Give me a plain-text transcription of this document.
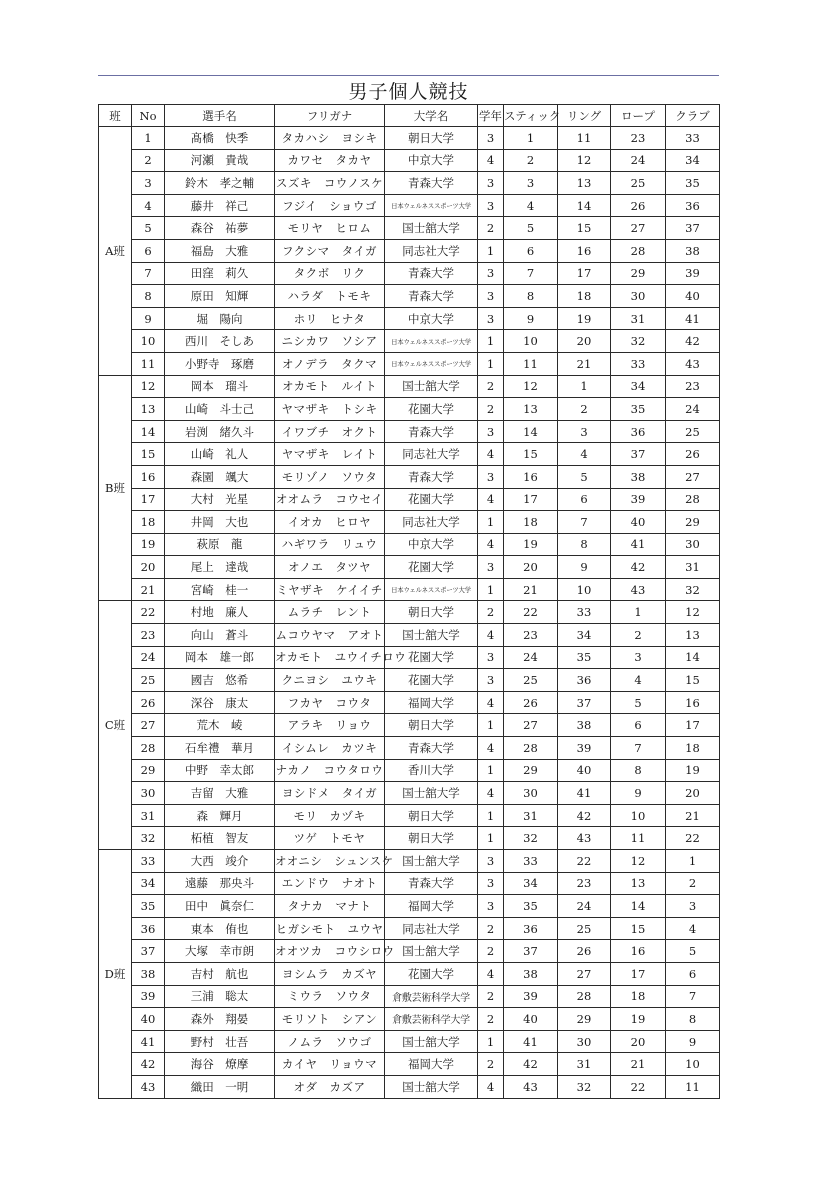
男子個人競技
班	No	選手名	フリガナ	大学名	学年	スティック	リング	ロープ	クラブ
A班	1	髙橋　快季	タカハシ　ヨシキ	朝日大学	3	1	11	23	33
	2	河瀬　貴哉	カワセ　タカヤ	中京大学	4	2	12	24	34
	3	鈴木　孝之輔	スズキ　コウノスケ	青森大学	3	3	13	25	35
	4	藤井　祥己	フジイ　ショウゴ	日本ウェルネススポーツ大学	3	4	14	26	36
	5	森谷　祐夢	モリヤ　ヒロム	国士舘大学	2	5	15	27	37
	6	福島　大雅	フクシマ　タイガ	同志社大学	1	6	16	28	38
	7	田窪　莉久	タクボ　リク	青森大学	3	7	17	29	39
	8	原田　知輝	ハラダ　トモキ	青森大学	3	8	18	30	40
	9	堀　陽向	ホリ　ヒナタ	中京大学	3	9	19	31	41
	10	西川　そしあ	ニシカワ　ソシア	日本ウェルネススポーツ大学	1	10	20	32	42
	11	小野寺　琢磨	オノデラ　タクマ	日本ウェルネススポーツ大学	1	11	21	33	43
B班	12	岡本　瑠斗	オカモト　ルイト	国士舘大学	2	12	1	34	23
	13	山崎　斗士己	ヤマザキ　トシキ	花園大学	2	13	2	35	24
	14	岩渕　緒久斗	イワブチ　オクト	青森大学	3	14	3	36	25
	15	山崎　礼人	ヤマザキ　レイト	同志社大学	4	15	4	37	26
	16	森園　颯大	モリゾノ　ソウタ	青森大学	3	16	5	38	27
	17	大村　光星	オオムラ　コウセイ	花園大学	4	17	6	39	28
	18	井岡　大也	イオカ　ヒロヤ	同志社大学	1	18	7	40	29
	19	萩原　龍	ハギワラ　リュウ	中京大学	4	19	8	41	30
	20	尾上　達哉	オノエ　タツヤ	花園大学	3	20	9	42	31
	21	宮崎　桂一	ミヤザキ　ケイイチ	日本ウェルネススポーツ大学	1	21	10	43	32
C班	22	村地　廉人	ムラチ　レント	朝日大学	2	22	33	1	12
	23	向山　蒼斗	ムコウヤマ　アオト	国士舘大学	4	23	34	2	13
	24	岡本　雄一郎	オカモト　ユウイチロウ	花園大学	3	24	35	3	14
	25	國吉　悠希	クニヨシ　ユウキ	花園大学	3	25	36	4	15
	26	深谷　康太	フカヤ　コウタ	福岡大学	4	26	37	5	16
	27	荒木　崚	アラキ　リョウ	朝日大学	1	27	38	6	17
	28	石牟禮　華月	イシムレ　カツキ	青森大学	4	28	39	7	18
	29	中野　幸太郎	ナカノ　コウタロウ	香川大学	1	29	40	8	19
	30	吉留　大雅	ヨシドメ　タイガ	国士舘大学	4	30	41	9	20
	31	森　輝月	モリ　カヅキ	朝日大学	1	31	42	10	21
	32	柘植　智友	ツゲ　トモヤ	朝日大学	1	32	43	11	22
D班	33	大西　竣介	オオニシ　シュンスケ	国士舘大学	3	33	22	12	1
	34	遠藤　那央斗	エンドウ　ナオト	青森大学	3	34	23	13	2
	35	田中　眞奈仁	タナカ　マナト	福岡大学	3	35	24	14	3
	36	東本　侑也	ヒガシモト　ユウヤ	同志社大学	2	36	25	15	4
	37	大塚　幸市朗	オオツカ　コウシロウ	国士舘大学	2	37	26	16	5
	38	吉村　航也	ヨシムラ　カズヤ	花園大学	4	38	27	17	6
	39	三浦　聡太	ミウラ　ソウタ	倉敷芸術科学大学	2	39	28	18	7
	40	森外　翔晏	モリソト　シアン	倉敷芸術科学大学	2	40	29	19	8
	41	野村　壮吾	ノムラ　ソウゴ	国士舘大学	1	41	30	20	9
	42	海谷　燎摩	カイヤ　リョウマ	福岡大学	2	42	31	21	10
	43	織田　一明	オダ　カズア	国士舘大学	4	43	32	22	11
